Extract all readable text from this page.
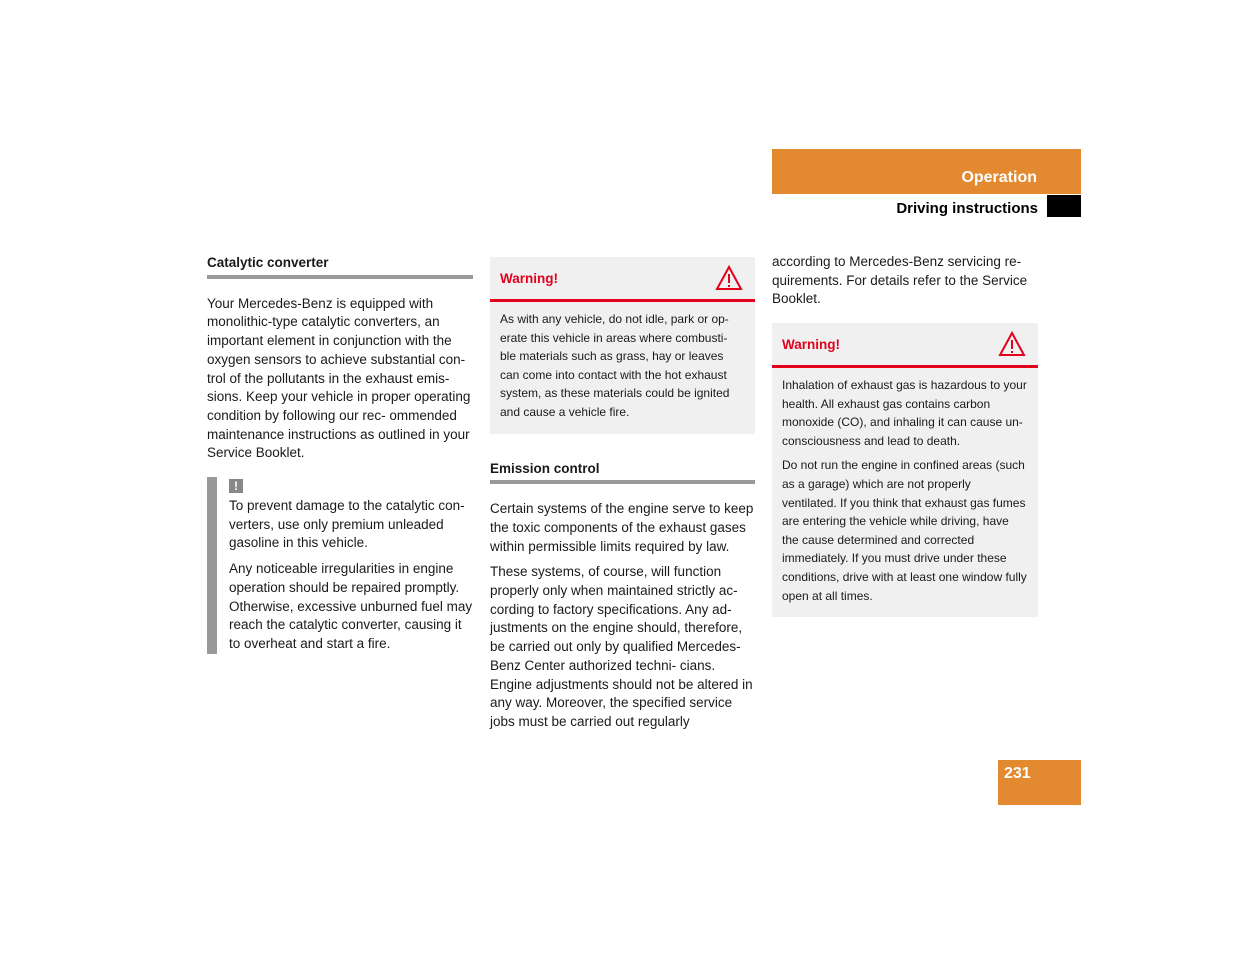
Operation
Driving instructions
Catalytic converter

Your Mercedes-Benz is equipped with monolithic-type catalytic converters, an important element in conjunction with the oxygen sensors to achieve substantial con- trol of the pollutants in the exhaust emis- sions. Keep your vehicle in proper operating condition by following our rec- ommended maintenance instructions as outlined in your Service Booklet.

!

To prevent damage to the catalytic con- verters, use only premium unleaded gasoline in this vehicle.

Any noticeable irregularities in engine operation should be repaired promptly. Otherwise, excessive unburned fuel may reach the catalytic converter, causing it to overheat and start a fire.

Warning!

As with any vehicle, do not idle, park or op- erate this vehicle in areas where combusti- ble materials such as grass, hay or leaves can come into contact with the hot exhaust system, as these materials could be ignited and cause a vehicle fire.

Emission control

Certain systems of the engine serve to keep the toxic components of the exhaust gases within permissible limits required by law.

These systems, of course, will function properly only when maintained strictly ac- cording to factory specifications. Any ad- justments on the engine should, therefore, be carried out only by qualified Mercedes-Benz Center authorized techni- cians. Engine adjustments should not be altered in any way. Moreover, the specified service jobs must be carried out regularly

according to Mercedes-Benz servicing re- quirements. For details refer to the Service Booklet.

Warning!

Inhalation of exhaust gas is hazardous to your health. All exhaust gas contains carbon monoxide (CO), and inhaling it can cause un- consciousness and lead to death.

Do not run the engine in confined areas (such as a garage) which are not properly ventilated. If you think that exhaust gas fumes are entering the vehicle while driving, have the cause determined and corrected immediately. If you must drive under these conditions, drive with at least one window fully open at all times.

231
